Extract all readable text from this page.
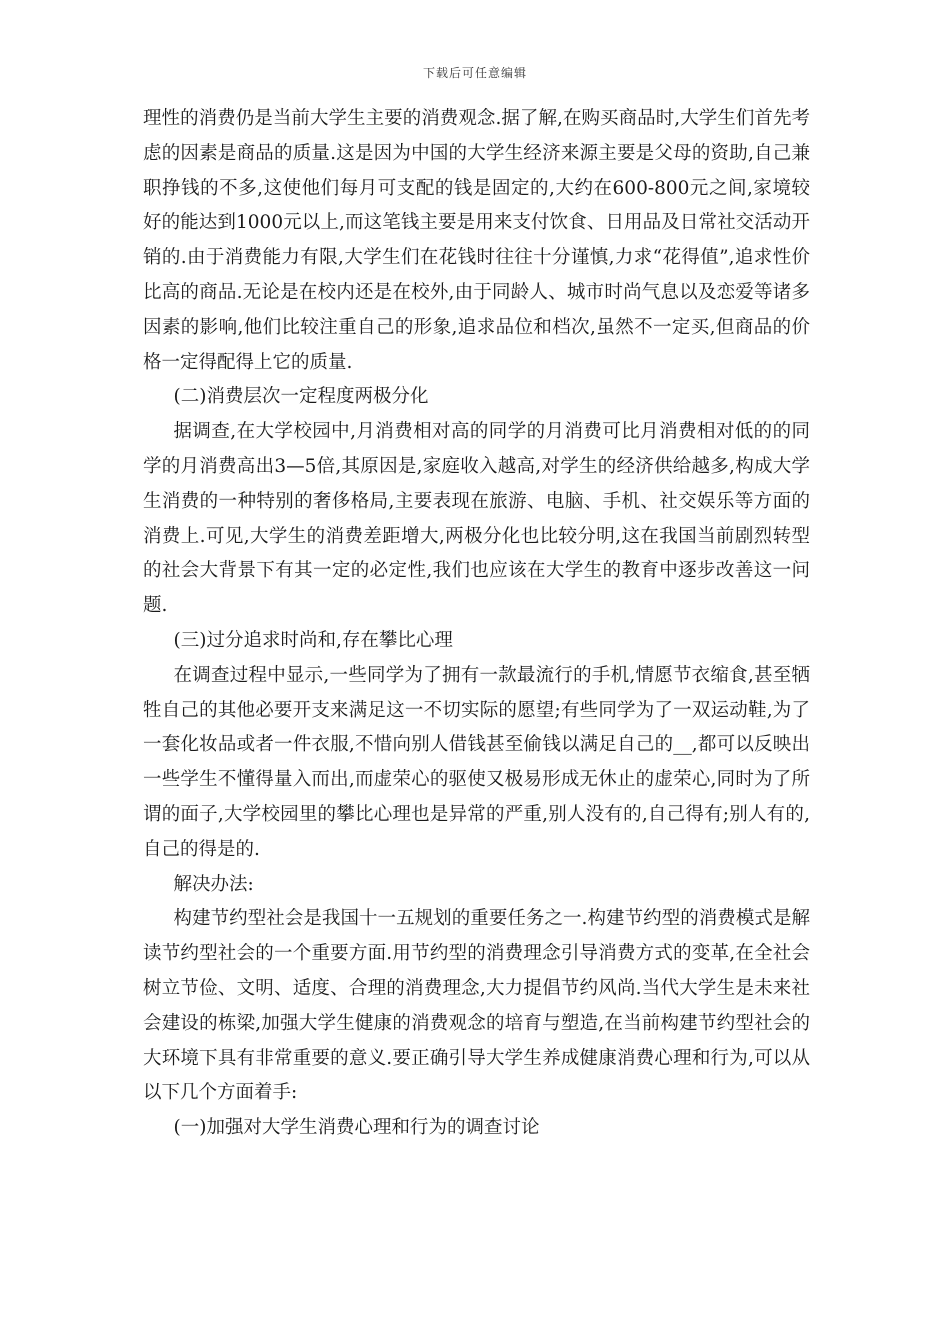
下载后可任意编辑

理性的消费仍是当前大学生主要的消费观念.据了解,在购买商品时,大学生们首先考虑的因素是商品的质量.这是因为中国的大学生经济来源主要是父母的资助,自己兼职挣钱的不多,这使他们每月可支配的钱是固定的,大约在600-800元之间,家境较好的能达到1000元以上,而这笔钱主要是用来支付饮食、日用品及日常社交活动开销的.由于消费能力有限,大学生们在花钱时往往十分谨慎,力求“花得值”,追求性价比高的商品.无论是在校内还是在校外,由于同龄人、城市时尚气息以及恋爱等诸多因素的影响,他们比较注重自己的形象,追求品位和档次,虽然不一定买,但商品的价格一定得配得上它的质量.

(二)消费层次一定程度两极分化

据调查,在大学校园中,月消费相对高的同学的月消费可比月消费相对低的的同学的月消费高出3—5倍,其原因是,家庭收入越高,对学生的经济供给越多,构成大学生消费的一种特别的奢侈格局,主要表现在旅游、电脑、手机、社交娱乐等方面的消费上.可见,大学生的消费差距增大,两极分化也比较分明,这在我国当前剧烈转型的社会大背景下有其一定的必定性,我们也应该在大学生的教育中逐步改善这一问题.

(三)过分追求时尚和,存在攀比心理

在调查过程中显示,一些同学为了拥有一款最流行的手机,情愿节衣缩食,甚至牺牲自己的其他必要开支来满足这一不切实际的愿望;有些同学为了一双运动鞋,为了一套化妆品或者一件衣服,不惜向别人借钱甚至偷钱以满足自己的__,都可以反映出一些学生不懂得量入而出,而虚荣心的驱使又极易形成无休止的虚荣心,同时为了所谓的面子,大学校园里的攀比心理也是异常的严重,别人没有的,自己得有;别人有的,自己的得是的.

解决办法:

构建节约型社会是我国十一五规划的重要任务之一.构建节约型的消费模式是解读节约型社会的一个重要方面.用节约型的消费理念引导消费方式的变革,在全社会树立节俭、文明、适度、合理的消费理念,大力提倡节约风尚.当代大学生是未来社会建设的栋梁,加强大学生健康的消费观念的培育与塑造,在当前构建节约型社会的大环境下具有非常重要的意义.要正确引导大学生养成健康消费心理和行为,可以从以下几个方面着手:

(一)加强对大学生消费心理和行为的调查讨论
